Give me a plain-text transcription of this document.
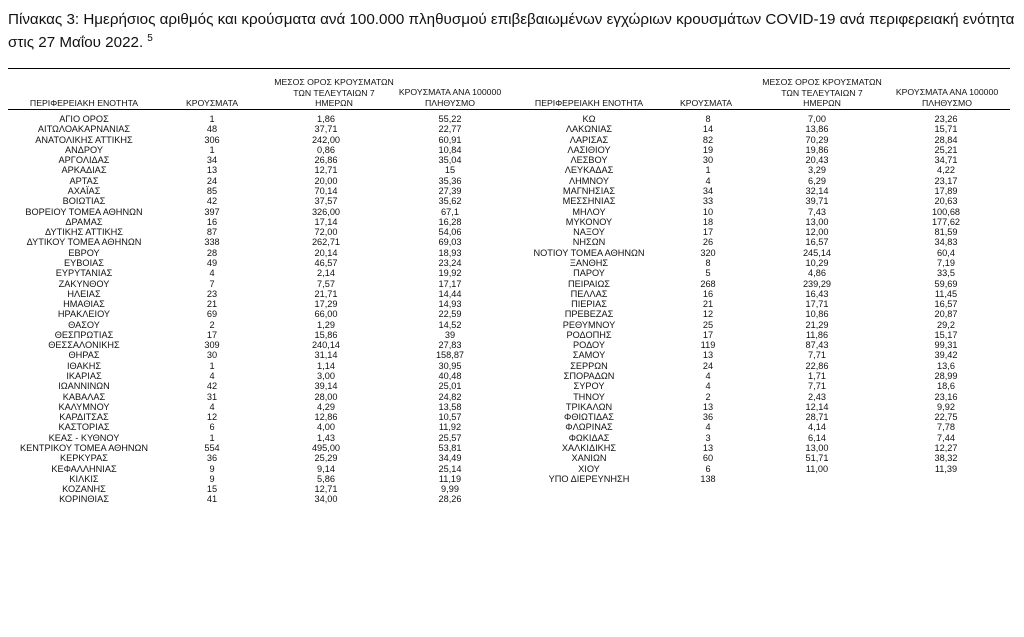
Πίνακας 3: Ημερήσιος αριθμός και κρούσματα ανά 100.000 πληθυσμού επιβεβαιωμένων εγχώριων κρουσμάτων COVID-19 ανά περιφερειακή ενότητα στις 27 Μαΐου 2022. $^5$
ΠΕΡΙΦΕΡΕΙΑΚΗ ΕΝΟΤΗΤΑ	ΚΡΟΥΣΜΑΤΑ
ΜΕΣΟΣ ΟΡΟΣ ΚΡΟΥΣΜΑΤΩΝ
ΤΩΝ ΤΕΛΕΥΤΑΙΩΝ 7
ΗΜΕΡΩΝ
ΚΡΟΥΣΜΑΤΑ ΑΝΑ 100000
ΠΛΗΘΥΣΜΟ	ΠΕΡΙΦΕΡΕΙΑΚΗ ΕΝΟΤΗΤΑ	ΚΡΟΥΣΜΑΤΑ
ΜΕΣΟΣ ΟΡΟΣ ΚΡΟΥΣΜΑΤΩΝ
ΤΩΝ ΤΕΛΕΥΤΑΙΩΝ 7
ΗΜΕΡΩΝ
ΚΡΟΥΣΜΑΤΑ ΑΝΑ 100000
ΠΛΗΘΥΣΜΟ
ΑΓΙΟ ΟΡΟΣ	1	1,86	55,22
ΑΙΤΩΛΟΑΚΑΡΝΑΝΙΑΣ	48	37,71	22,77
ΑΝΑΤΟΛΙΚΗΣ ΑΤΤΙΚΗΣ	306	242,00	60,91
ΑΝΔΡΟΥ	1	0,86	10,84
ΑΡΓΟΛΙΔΑΣ	34	26,86	35,04
ΑΡΚΑΔΙΑΣ	13	12,71	15
ΑΡΤΑΣ	24	20,00	35,36
ΑΧΑΪΑΣ	85	70,14	27,39
ΒΟΙΩΤΙΑΣ	42	37,57	35,62
ΒΟΡΕΙΟΥ ΤΟΜΕΑ ΑΘΗΝΩΝ	397	326,00	67,1
ΔΡΑΜΑΣ	16	17,14	16,28
ΔΥΤΙΚΗΣ ΑΤΤΙΚΗΣ	87	72,00	54,06
ΔΥΤΙΚΟΥ ΤΟΜΕΑ ΑΘΗΝΩΝ	338	262,71	69,03
ΕΒΡΟΥ	28	20,14	18,93
ΕΥΒΟΙΑΣ	49	46,57	23,24
ΕΥΡΥΤΑΝΙΑΣ	4	2,14	19,92
ΖΑΚΥΝΘΟΥ	7	7,57	17,17
ΗΛΕΙΑΣ	23	21,71	14,44
ΗΜΑΘΙΑΣ	21	17,29	14,93
ΗΡΑΚΛΕΙΟΥ	69	66,00	22,59
ΘΑΣΟΥ	2	1,29	14,52
ΘΕΣΠΡΩΤΙΑΣ	17	15,86	39
ΘΕΣΣΑΛΟΝΙΚΗΣ	309	240,14	27,83
ΘΗΡΑΣ	30	31,14	158,87
ΙΘΑΚΗΣ	1	1,14	30,95
ΙΚΑΡΙΑΣ	4	3,00	40,48
ΙΩΑΝΝΙΝΩΝ	42	39,14	25,01
ΚΑΒΑΛΑΣ	31	28,00	24,82
ΚΑΛΥΜΝΟΥ	4	4,29	13,58
ΚΑΡΔΙΤΣΑΣ	12	12,86	10,57
ΚΑΣΤΟΡΙΑΣ	6	4,00	11,92
ΚΕΑΣ - ΚΥΘΝΟΥ	1	1,43	25,57
ΚΕΝΤΡΙΚΟΥ ΤΟΜΕΑ ΑΘΗΝΩΝ	554	495,00	53,81
ΚΕΡΚΥΡΑΣ	36	25,29	34,49
ΚΕΦΑΛΛΗΝΙΑΣ	9	9,14	25,14
ΚΙΛΚΙΣ	9	5,86	11,19
ΚΟΖΑΝΗΣ	15	12,71	9,99
ΚΟΡΙΝΘΙΑΣ	41	34,00	28,26
ΚΩ	8	7,00	23,26
ΛΑΚΩΝΙΑΣ	14	13,86	15,71
ΛΑΡΙΣΑΣ	82	70,29	28,84
ΛΑΣΙΘΙΟΥ	19	19,86	25,21
ΛΕΣΒΟΥ	30	20,43	34,71
ΛΕΥΚΑΔΑΣ	1	3,29	4,22
ΛΗΜΝΟΥ	4	6,29	23,17
ΜΑΓΝΗΣΙΑΣ	34	32,14	17,89
ΜΕΣΣΗΝΙΑΣ	33	39,71	20,63
ΜΗΛΟΥ	10	7,43	100,68
ΜΥΚΟΝΟΥ	18	13,00	177,62
ΝΑΞΟΥ	17	12,00	81,59
ΝΗΣΩΝ	26	16,57	34,83
ΝΟΤΙΟΥ ΤΟΜΕΑ ΑΘΗΝΩΝ	320	245,14	60,4
ΞΑΝΘΗΣ	8	10,29	7,19
ΠΑΡΟΥ	5	4,86	33,5
ΠΕΙΡΑΙΩΣ	268	239,29	59,69
ΠΕΛΛΑΣ	16	16,43	11,45
ΠΙΕΡΙΑΣ	21	17,71	16,57
ΠΡΕΒΕΖΑΣ	12	10,86	20,87
ΡΕΘΥΜΝΟΥ	25	21,29	29,2
ΡΟΔΟΠΗΣ	17	11,86	15,17
ΡΟΔΟΥ	119	87,43	99,31
ΣΑΜΟΥ	13	7,71	39,42
ΣΕΡΡΩΝ	24	22,86	13,6
ΣΠΟΡΑΔΩΝ	4	1,71	28,99
ΣΥΡΟΥ	4	7,71	18,6
ΤΗΝΟΥ	2	2,43	23,16
ΤΡΙΚΑΛΩΝ	13	12,14	9,92
ΦΘΙΩΤΙΔΑΣ	36	28,71	22,75
ΦΛΩΡΙΝΑΣ	4	4,14	7,78
ΦΩΚΙΔΑΣ	3	6,14	7,44
ΧΑΛΚΙΔΙΚΗΣ	13	13,00	12,27
ΧΑΝΙΩΝ	60	51,71	38,32
ΧΙΟΥ	6	11,00	11,39
ΥΠΟ ΔΙΕΡΕΥΝΗΣΗ	138		
